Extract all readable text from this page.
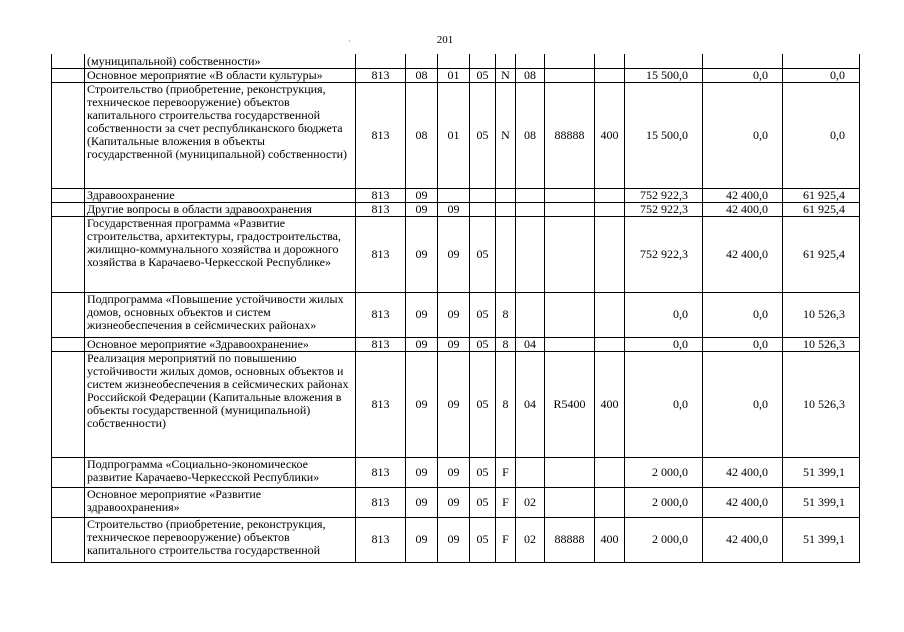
201
·
	(муниципальной) собственности»											
	Основное мероприятие «В области культуры»	813	08	01	05	N	08			15 500,0	0,0	0,0
	Строительство (приобретение, реконструкция, техническое перевооружение) объектов капитального строительства государственной собственности за счет республиканского бюджета (Капитальные вложения в объекты государственной (муниципальной) собственности)	813	08	01	05	N	08	88888	400	15 500,0	0,0	0,0
	Здравоохранение	813	09							752 922,3	42 400,0	61 925,4
	Другие вопросы в области здравоохранения	813	09	09						752 922,3	42 400,0	61 925,4
	Государственная программа «Развитие строительства, архитектуры, градостроительства, жилищно-коммунального хозяйства и дорожного хозяйства в Карачаево-Черкесской Республике»	813	09	09	05					752 922,3	42 400,0	61 925,4
	Подпрограмма «Повышение устойчивости жилых домов, основных объектов и систем жизнеобеспечения в сейсмических районах»	813	09	09	05	8				0,0	0,0	10 526,3
	Основное мероприятие «Здравоохранение»	813	09	09	05	8	04			0,0	0,0	10 526,3
	Реализация мероприятий по повышению устойчивости жилых домов, основных объектов и систем жизнеобеспечения в сейсмических районах Российской Федерации (Капитальные вложения в объекты государственной (муниципальной) собственности)	813	09	09	05	8	04	R5400	400	0,0	0,0	10 526,3
	Подпрограмма «Социально-экономическое развитие Карачаево-Черкесской Республики»	813	09	09	05	F				2 000,0	42 400,0	51 399,1
	Основное мероприятие «Развитие здравоохранения»	813	09	09	05	F	02			2 000,0	42 400,0	51 399,1
	Строительство (приобретение, реконструкция, техническое перевооружение) объектов капитального строительства государственной	813	09	09	05	F	02	88888	400	2 000,0	42 400,0	51 399,1
